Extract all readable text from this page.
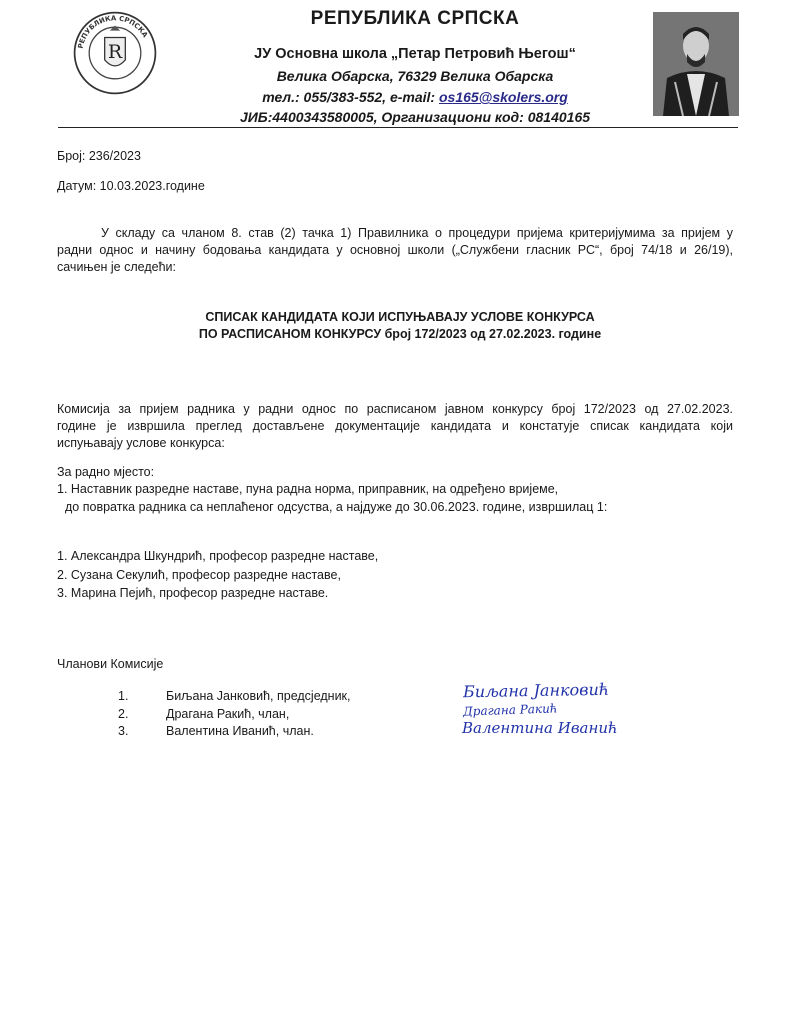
РЕПУБЛИКА СРПСКА
R
РЕПУБЛИКА СРПСКА
ЈУ Основна школа „Петар Петровић Његош“
Велика Обарска, 76329 Велика Обарска
тел.: 055/383-552, e-mail: os165@skolers.org
ЈИБ:4400343580005, Организациони код: 08140165
Број: 236/2023
Датум: 10.03.2023.године
У складу са чланом 8. став (2) тачка 1) Правилника о процедури пријема критеријумима за пријем у
радни однос и начину бодовања кандидата у основној школи („Службени гласник РС“, број 74/18 и 26/19),
сачињен је следећи:
СПИСАК КАНДИДАТА КОЈИ ИСПУЊАВАЈУ УСЛОВЕ КОНКУРСА
ПО РАСПИСАНОМ КОНКУРСУ број 172/2023 од 27.02.2023. године
Комисија за пријем радника у радни однос по расписаном јавном конкурсу број 172/2023 од 27.02.2023.
године је извршила преглед достављене документације кандидата и констатује списак кандидата који
испуњавају услове конкурса:
За радно мјесто:
1. Наставник разредне наставе, пуна радна норма, приправник, на одређено вријеме,
до повратка радника са неплаћеног одсуства, а најдуже до 30.06.2023. године, извршилац 1:
1. Александра Шкундрић, професор разредне наставе,
2. Сузана Секулић, професор разредне наставе,
3. Марина Пејић, професор разредне наставе.
Чланови Комисије
1.	Биљана Јанковић, предсједник,
2.	Драгана Ракић, члан,
3.	Валентина Иванић, члан.
Биљана Јанковић
Драгана Ракић
Валентина Иванић
